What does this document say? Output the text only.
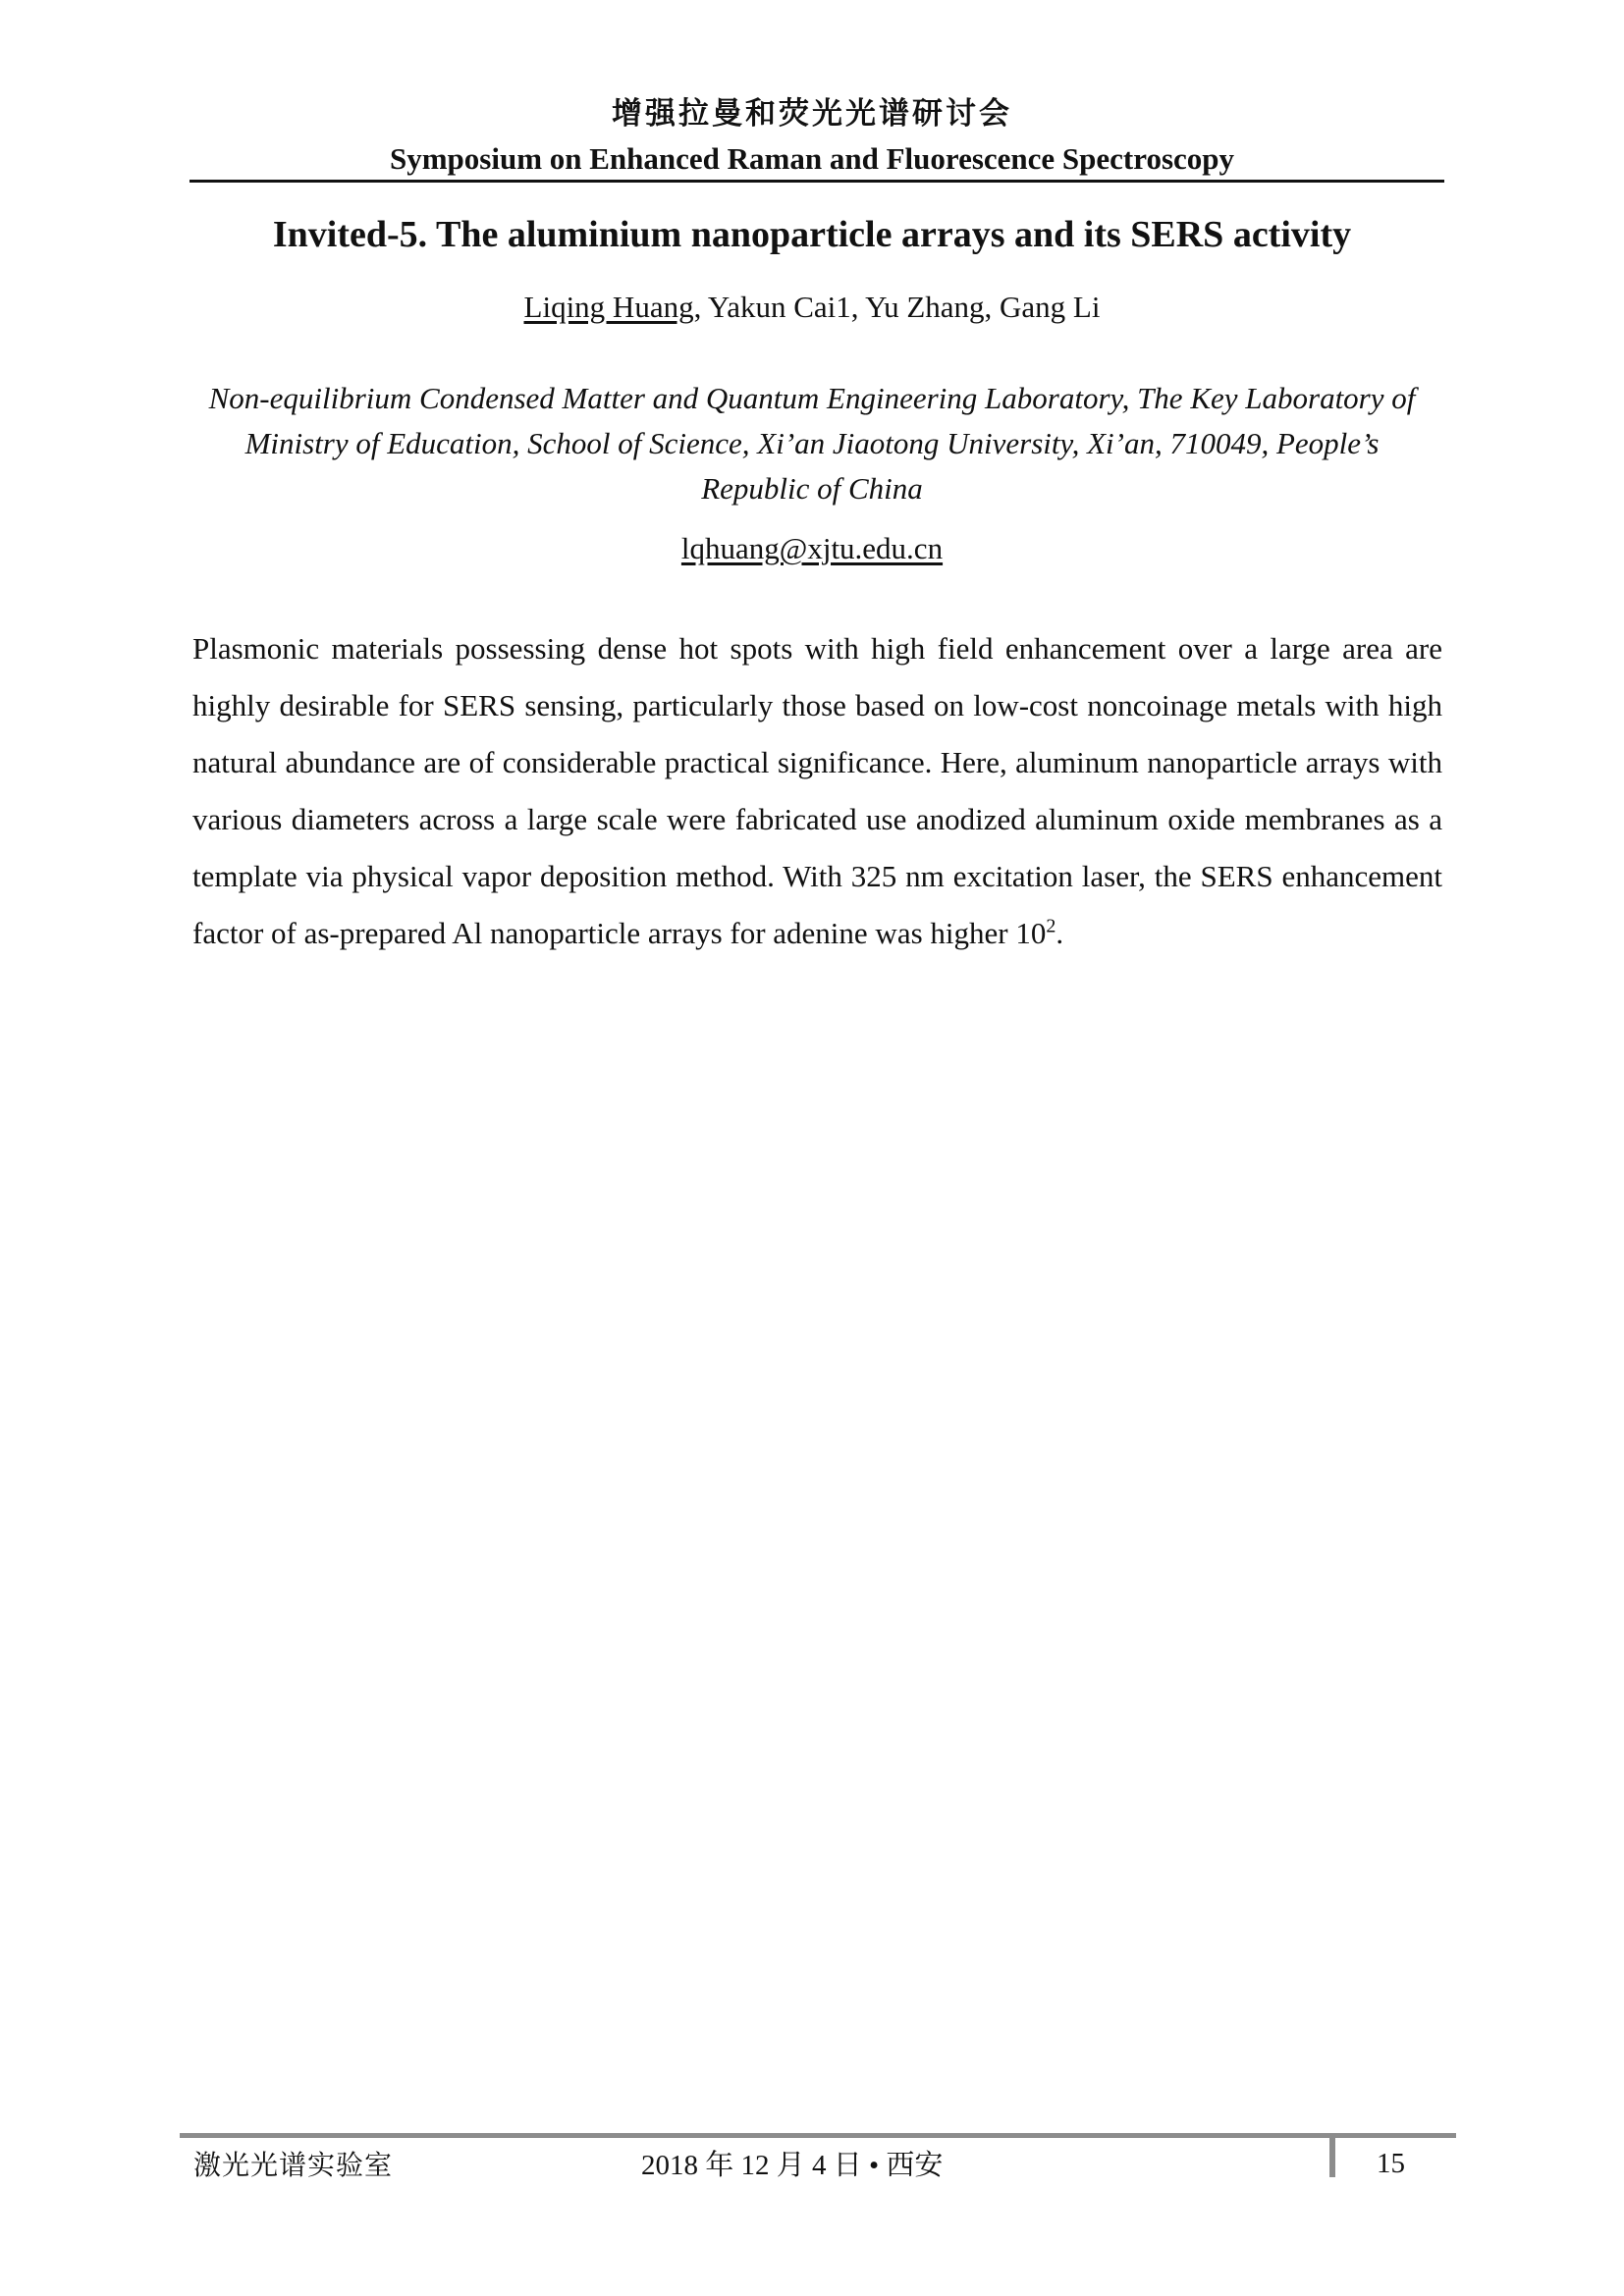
增强拉曼和荧光光谱研讨会
Symposium on Enhanced Raman and Fluorescence Spectroscopy
Invited-5. The aluminium nanoparticle arrays and its SERS activity
Liqing Huang, Yakun Cai1, Yu Zhang, Gang Li
Non-equilibrium Condensed Matter and Quantum Engineering Laboratory, The Key Laboratory of Ministry of Education, School of Science, Xi’an Jiaotong University, Xi’an, 710049, People’s Republic of China
lqhuang@xjtu.edu.cn

Plasmonic materials possessing dense hot spots with high field enhancement over a large area are highly desirable for SERS sensing, particularly those based on low-cost noncoinage metals with high natural abundance are of considerable practical significance. Here, aluminum nanoparticle arrays with various diameters across a large scale were fabricated use anodized aluminum oxide membranes as a template via physical vapor deposition method. With 325 nm excitation laser, the SERS enhancement factor of as-prepared Al nanoparticle arrays for adenine was higher $10^2$.

激光光谱实验室	2018 年 12 月 4 日 • 西安	15
